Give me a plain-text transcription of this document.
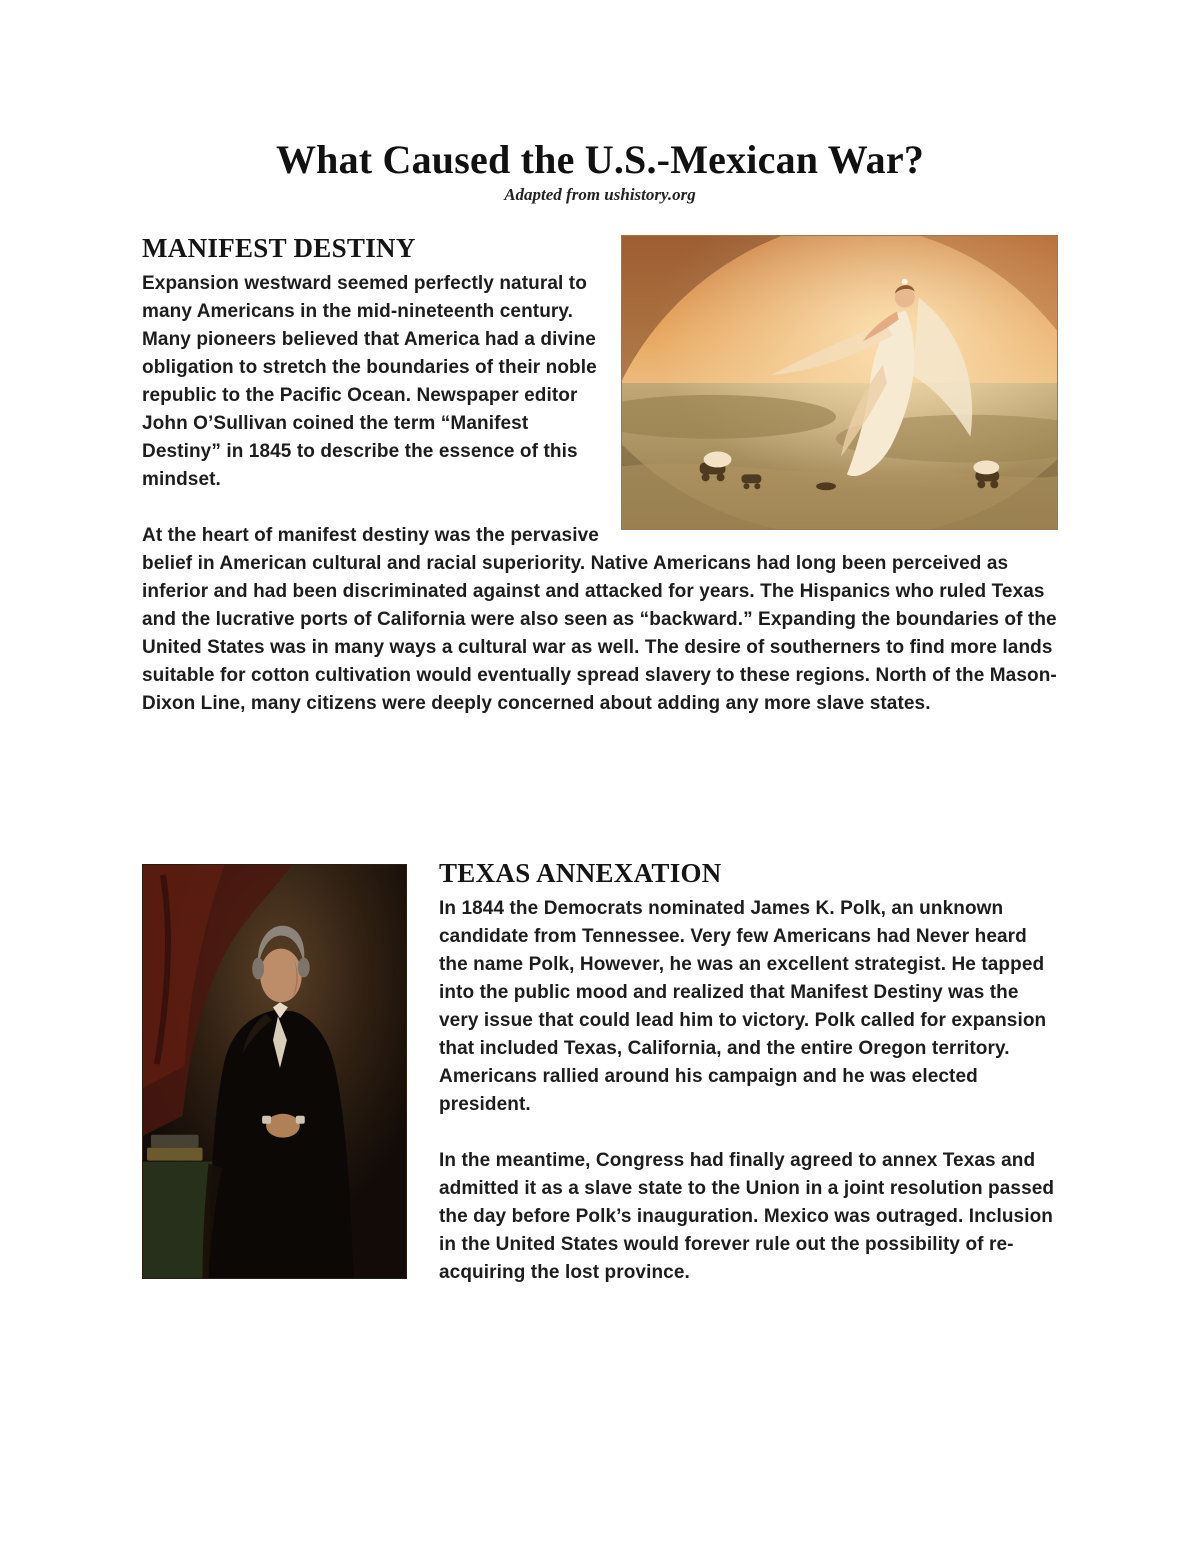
What Caused the U.S.-Mexican War?
Adapted from ushistory.org
MANIFEST DESTINY

Expansion westward seemed perfectly natural to many Americans in the mid-nineteenth century. Many pioneers believed that America had a divine obligation to stretch the boundaries of their noble republic to the Pacific Ocean. Newspaper editor John O’Sullivan coined the term “Manifest Destiny” in 1845 to describe the essence of this mindset.

At the heart of manifest destiny was the pervasive belief in American cultural and racial superiority. Native Americans had long been perceived as inferior and had been discriminated against and attacked for years. The Hispanics who ruled Texas and the lucrative ports of California were also seen as “backward.” Expanding the boundaries of the United States was in many ways a cultural war as well. The desire of southerners to find more lands suitable for cotton cultivation would eventually spread slavery to these regions. North of the Mason-Dixon Line, many citizens were deeply concerned about adding any more slave states.

TEXAS ANNEXATION

In 1844 the Democrats nominated James K. Polk, an unknown candidate from Tennessee. Very few Americans had Never heard the name Polk, However, he was an excellent strategist. He tapped into the public mood and realized that Manifest Destiny was the very issue that could lead him to victory. Polk called for expansion that included Texas, California, and the entire Oregon territory. Americans rallied around his campaign and he was elected president.

In the meantime, Congress had finally agreed to annex Texas and admitted it as a slave state to the Union in a joint resolution passed the day before Polk’s inauguration. Mexico was outraged. Inclusion in the United States would forever rule out the possibility of re-acquiring the lost province.
